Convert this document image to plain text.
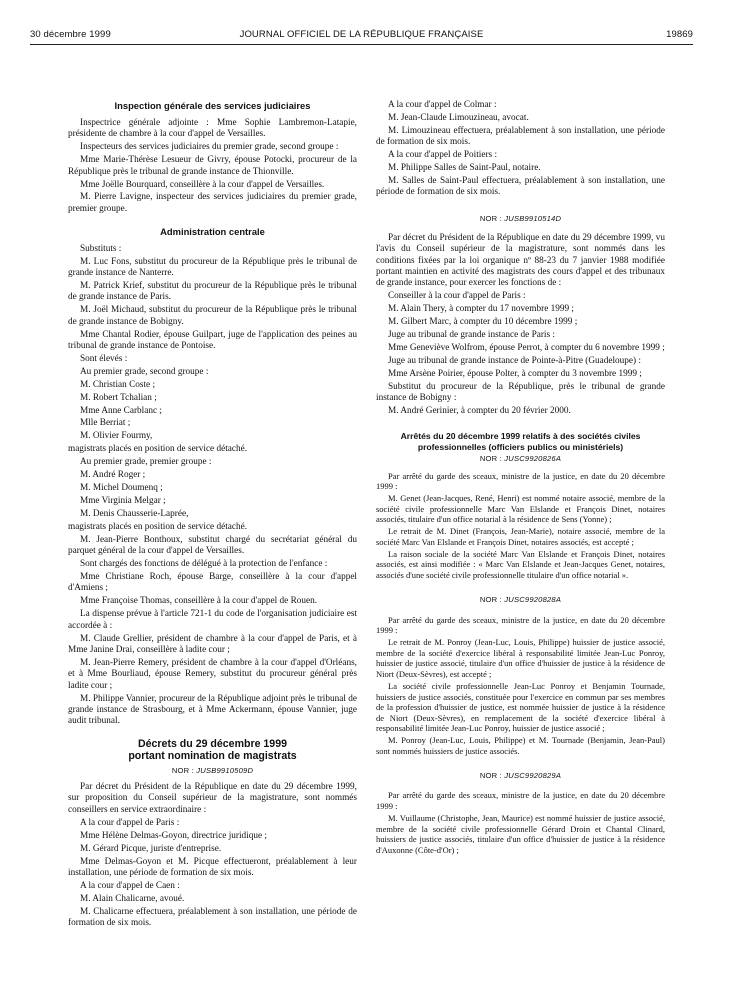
30 décembre 1999	JOURNAL OFFICIEL DE LA RÉPUBLIQUE FRANÇAISE	19869
Inspection générale des services judiciaires

Inspectrice générale adjointe : Mme Sophie Lambremon-Latapie, présidente de chambre à la cour d'appel de Versailles.

Inspecteurs des services judiciaires du premier grade, second groupe :

Mme Marie-Thérèse Lesueur de Givry, épouse Potocki, procureur de la République près le tribunal de grande instance de Thionville.

Mme Joëlle Bourquard, conseillère à la cour d'appel de Versailles.

M. Pierre Lavigne, inspecteur des services judiciaires du premier grade, premier groupe.

Administration centrale

Substituts :

M. Luc Fons, substitut du procureur de la République près le tribunal de grande instance de Nanterre.

M. Patrick Krief, substitut du procureur de la République près le tribunal de grande instance de Paris.

M. Joël Michaud, substitut du procureur de la République près le tribunal de grande instance de Bobigny.

Mme Chantal Rodier, épouse Guilpart, juge de l'application des peines au tribunal de grande instance de Pontoise.

Sont élevés :

Au premier grade, second groupe :

M. Christian Coste ;

M. Robert Tchalian ;

Mme Anne Carblanc ;

Mlle Berriat ;

M. Olivier Fourmy,

magistrats placés en position de service détaché.

Au premier grade, premier groupe :

M. André Roger ;

M. Michel Doumenq ;

Mme Virginia Melgar ;

M. Denis Chausserie-Laprée,

magistrats placés en position de service détaché.

M. Jean-Pierre Bonthoux, substitut chargé du secrétariat général du parquet général de la cour d'appel de Versailles.

Sont chargés des fonctions de délégué à la protection de l'enfance :

Mme Christiane Roch, épouse Barge, conseillère à la cour d'appel d'Amiens ;

Mme Françoise Thomas, conseillère à la cour d'appel de Rouen.

La dispense prévue à l'article 721-1 du code de l'organisation judiciaire est accordée à :

M. Claude Grellier, président de chambre à la cour d'appel de Paris, et à Mme Janine Drai, conseillère à ladite cour ;

M. Jean-Pierre Remery, président de chambre à la cour d'appel d'Orléans, et à Mme Bourliaud, épouse Remery, substitut du procureur général près ladite cour ;

M. Philippe Vannier, procureur de la République adjoint près le tribunal de grande instance de Strasbourg, et à Mme Ackermann, épouse Vannier, juge audit tribunal.

Décrets du 29 décembre 1999
portant nomination de magistrats
NOR : JUSB9910509D

Par décret du Président de la République en date du 29 décembre 1999, sur proposition du Conseil supérieur de la magistrature, sont nommés conseillers en service extraordinaire :

A la cour d'appel de Paris :

Mme Hélène Delmas-Goyon, directrice juridique ;

M. Gérard Picque, juriste d'entreprise.

Mme Delmas-Goyon et M. Picque effectueront, préalablement à leur installation, une période de formation de six mois.

A la cour d'appel de Caen :

M. Alain Chalicarne, avoué.

M. Chalicarne effectuera, préalablement à son installation, une période de formation de six mois.

A la cour d'appel de Colmar :

M. Jean-Claude Limouzineau, avocat.

M. Limouzineau effectuera, préalablement à son installation, une période de formation de six mois.

A la cour d'appel de Poitiers :

M. Philippe Salles de Saint-Paul, notaire.

M. Salles de Saint-Paul effectuera, préalablement à son installation, une période de formation de six mois.

NOR : JUSB9910514D

Par décret du Président de la République en date du 29 décembre 1999, vu l'avis du Conseil supérieur de la magistrature, sont nommés dans les conditions fixées par la loi organique nº 88-23 du 7 janvier 1988 modifiée portant maintien en activité des magistrats des cours d'appel et des tribunaux de grande instance, pour exercer les fonctions de :

Conseiller à la cour d'appel de Paris :

M. Alain Thery, à compter du 17 novembre 1999 ;

M. Gilbert Marc, à compter du 10 décembre 1999 ;

Juge au tribunal de grande instance de Paris :

Mme Geneviève Wolfrom, épouse Perrot, à compter du 6 novembre 1999 ;

Juge au tribunal de grande instance de Pointe-à-Pitre (Guadeloupe) :

Mme Arsène Poirier, épouse Polter, à compter du 3 novembre 1999 ;

Substitut du procureur de la République, près le tribunal de grande instance de Bobigny :

M. André Gerinier, à compter du 20 février 2000.

Arrêtés du 20 décembre 1999 relatifs à des sociétés civiles
professionnelles (officiers publics ou ministériels)
NOR : JUSC9920826A

Par arrêté du garde des sceaux, ministre de la justice, en date du 20 décembre 1999 :

M. Genet (Jean-Jacques, René, Henri) est nommé notaire associé, membre de la société civile professionnelle Marc Van Elslande et François Dinet, notaires associés, titulaire d'un office notarial à la résidence de Sens (Yonne) ;

Le retrait de M. Dinet (François, Jean-Marie), notaire associé, membre de la société Marc Van Elslande et François Dinet, notaires associés, est accepté ;

La raison sociale de la société Marc Van Elslande et François Dinet, notaires associés, est ainsi modifiée : « Marc Van Elslande et Jean-Jacques Genet, notaires, associés d'une société civile professionnelle titulaire d'un office notarial ».

NOR : JUSC9920828A

Par arrêté du garde des sceaux, ministre de la justice, en date du 20 décembre 1999 :

Le retrait de M. Ponroy (Jean-Luc, Louis, Philippe) huissier de justice associé, membre de la société d'exercice libéral à responsabilité limitée Jean-Luc Ponroy, huissier de justice associé, titulaire d'un office d'huissier de justice à la résidence de Niort (Deux-Sèvres), est accepté ;

La société civile professionnelle Jean-Luc Ponroy et Benjamin Tournade, huissiers de justice associés, constituée pour l'exercice en commun par ses membres de la profession d'huissier de justice, est nommée huissier de justice à la résidence de Niort (Deux-Sèvres), en remplacement de la société d'exercice libéral à responsabilité limitée Jean-Luc Ponroy, huissier de justice associé ;

M. Ponroy (Jean-Luc, Louis, Philippe) et M. Tournade (Benjamin, Jean-Paul) sont nommés huissiers de justice associés.

NOR : JUSC9920829A

Par arrêté du garde des sceaux, ministre de la justice, en date du 20 décembre 1999 :

M. Vuillaume (Christophe, Jean, Maurice) est nommé huissier de justice associé, membre de la société civile professionnelle Gérard Droin et Chantal Clinard, huissiers de justice associés, titulaire d'un office d'huissier de justice à la résidence d'Auxonne (Côte-d'Or) ;
